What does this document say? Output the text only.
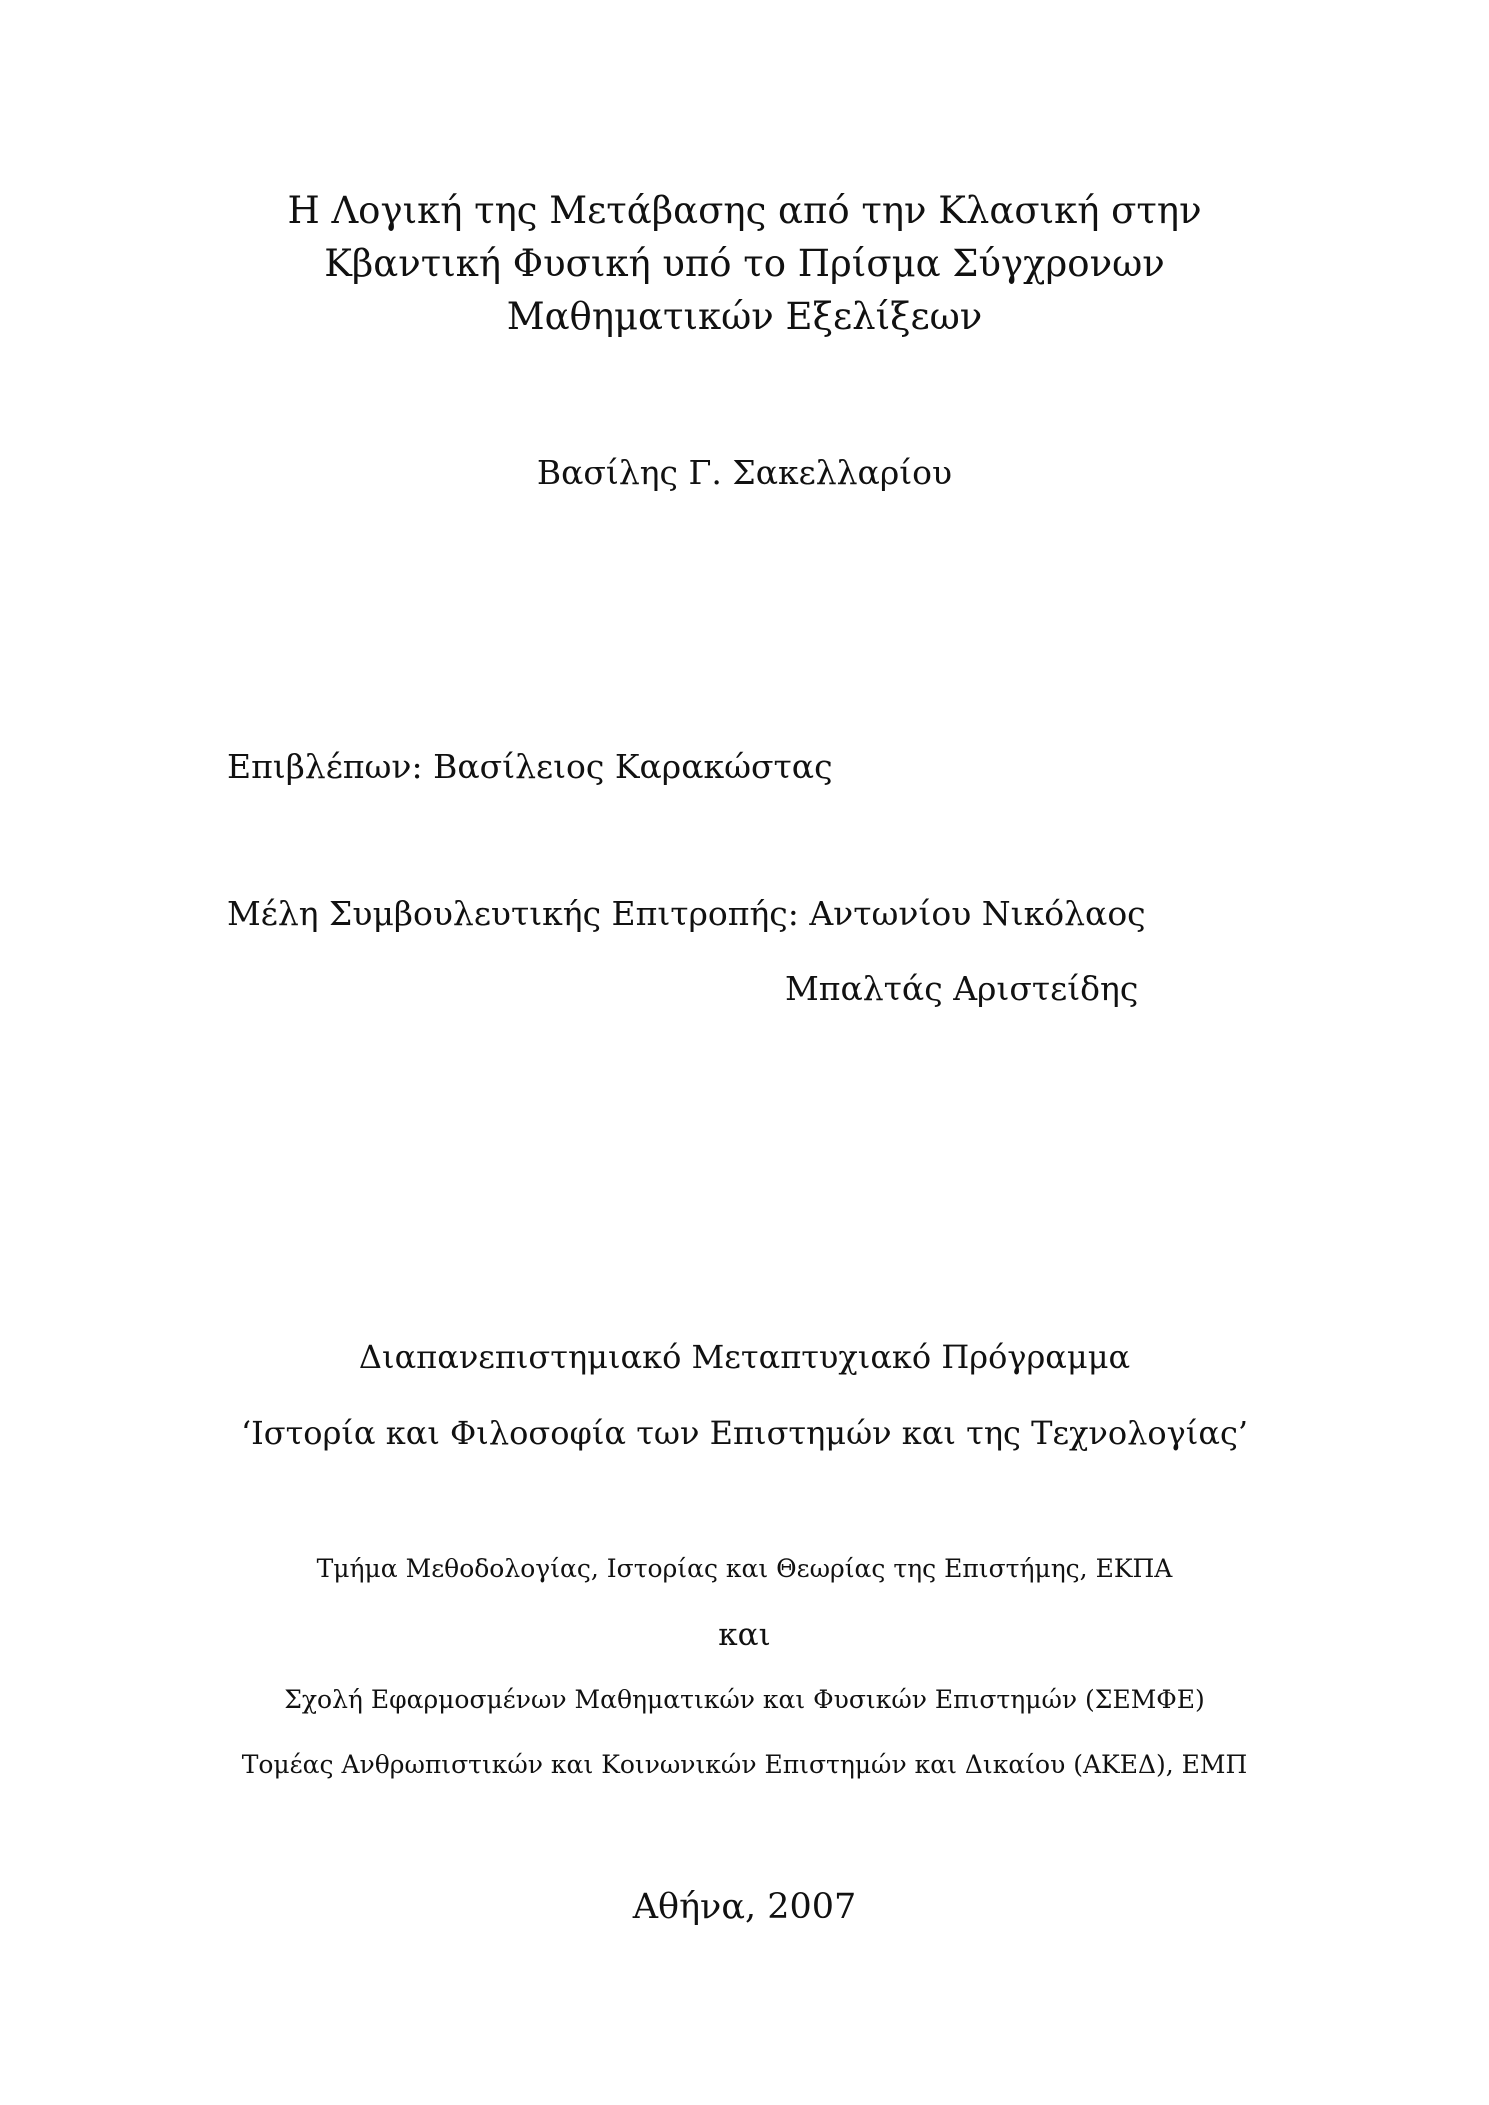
Η Λογική της Μετάβασης από την Κλασική στην
Κβαντική Φυσική υπό το Πρίσμα Σύγχρονων
Μαθηματικών Εξελίξεων
Βασίλης Γ. Σακελλαρίου
Επιβλέπων: Βασίλειος Καρακώστας
Μέλη Συμβουλευτικής Επιτροπής: Αντωνίου Νικόλαος
Μπαλτάς Αριστείδης
Διαπανεπιστημιακό Μεταπτυχιακό Πρόγραμμα
‘Ιστορία και Φιλοσοφία των Επιστημών και της Τεχνολογίας’
Τμήμα Μεθοδολογίας, Ιστορίας και Θεωρίας της Επιστήμης, ΕΚΠΑ
και
Σχολή Εφαρμοσμένων Μαθηματικών και Φυσικών Επιστημών (ΣΕΜΦΕ)
Τομέας Ανθρωπιστικών και Κοινωνικών Επιστημών και Δικαίου (ΑΚΕΔ), ΕΜΠ
Αθήνα, 2007
